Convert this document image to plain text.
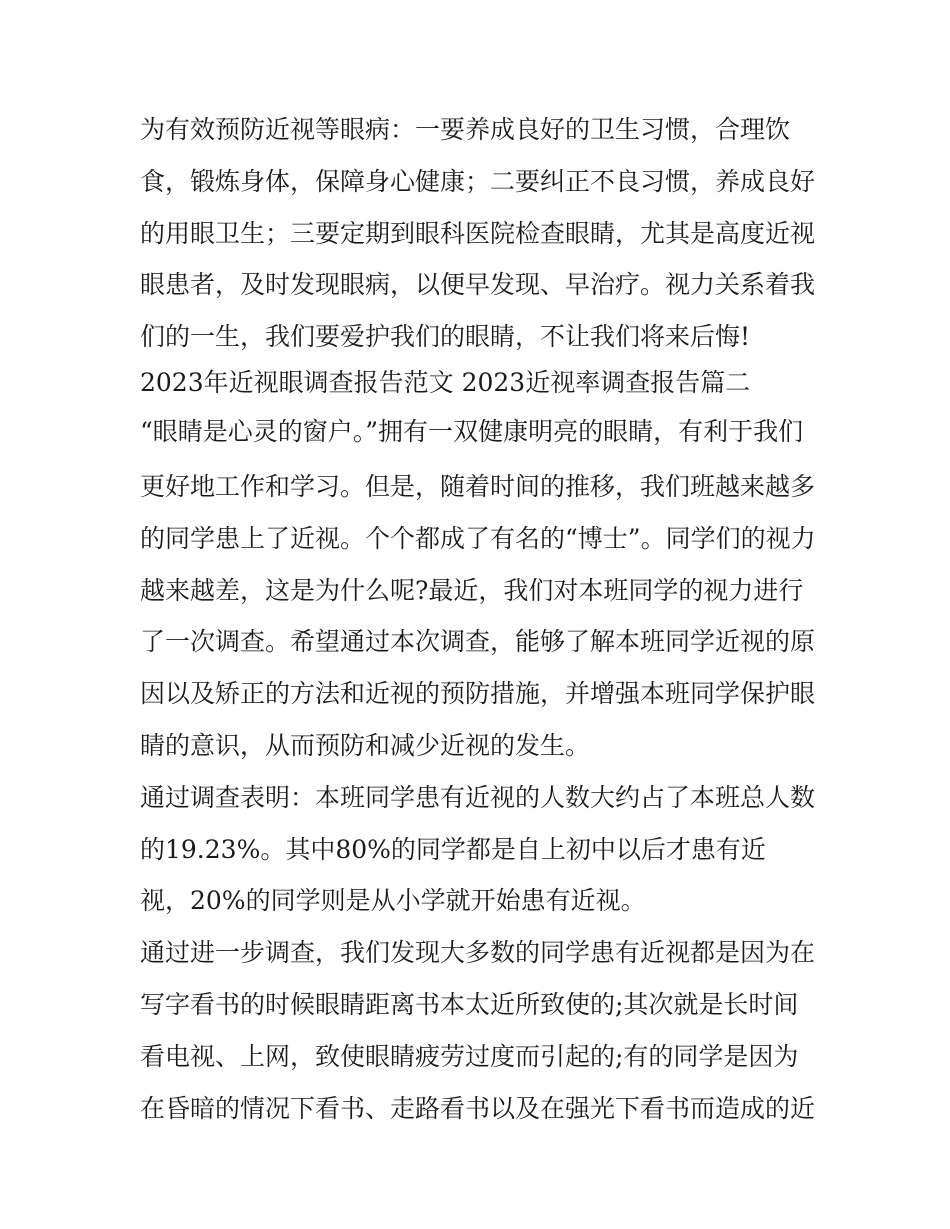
为有效预防近视等眼病：一要养成良好的卫生习惯，合理饮
食，锻炼身体，保障身心健康；二要纠正不良习惯，养成良好
的用眼卫生；三要定期到眼科医院检查眼睛，尤其是高度近视
眼患者，及时发现眼病，以便早发现、早治疗。视力关系着我
们的一生，我们要爱护我们的眼睛，不让我们将来后悔!
2023年近视眼调查报告范文 2023近视率调查报告篇二
“眼睛是心灵的窗户。”拥有一双健康明亮的眼睛，有利于我们
更好地工作和学习。但是，随着时间的推移，我们班越来越多
的同学患上了近视。个个都成了有名的“博士”。同学们的视力
越来越差，这是为什么呢?最近，我们对本班同学的视力进行
了一次调查。希望通过本次调查，能够了解本班同学近视的原
因以及矫正的方法和近视的预防措施，并增强本班同学保护眼
睛的意识，从而预防和减少近视的发生。
通过调查表明：本班同学患有近视的人数大约占了本班总人数
的19.23%。其中80%的同学都是自上初中以后才患有近
视，20%的同学则是从小学就开始患有近视。
通过进一步调查，我们发现大多数的同学患有近视都是因为在
写字看书的时候眼睛距离书本太近所致使的;其次就是长时间
看电视、上网，致使眼睛疲劳过度而引起的;有的同学是因为
在昏暗的情况下看书、走路看书以及在强光下看书而造成的近
